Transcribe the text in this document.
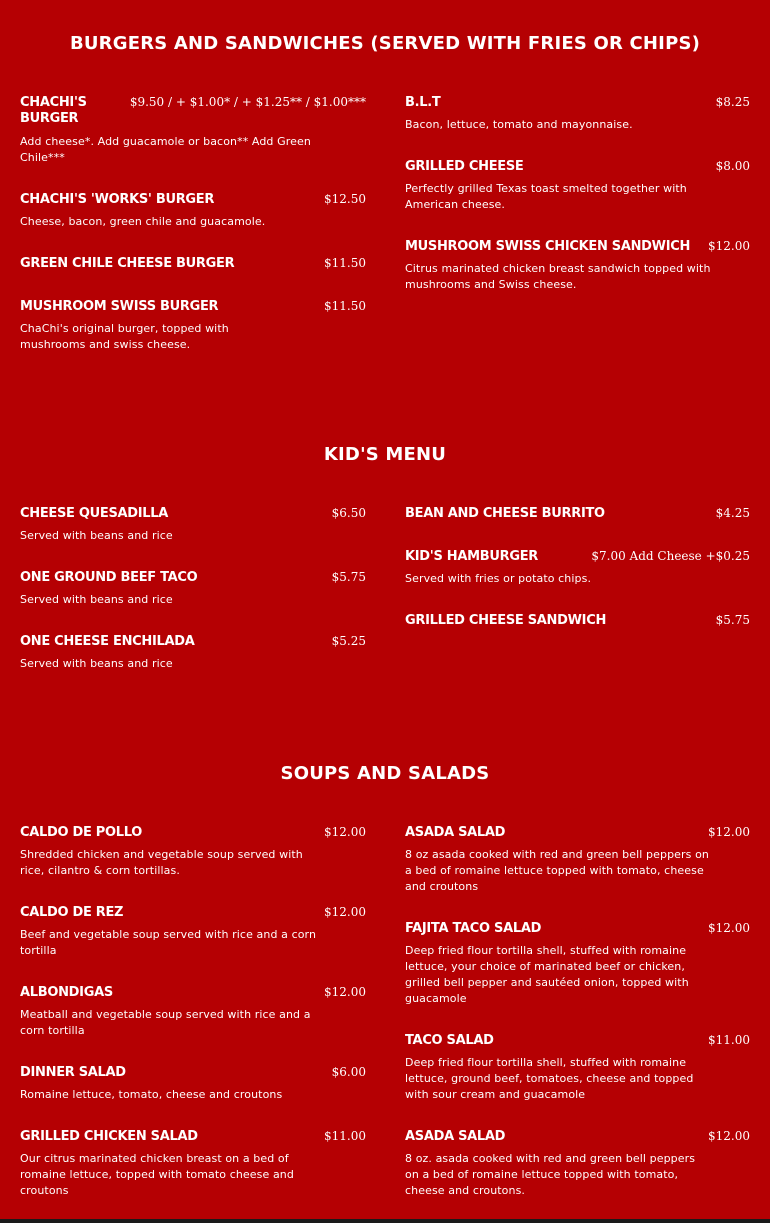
BURGERS AND SANDWICHES (SERVED WITH FRIES OR CHIPS)
CHACHI'S BURGER
$9.50 / + $1.00* / + $1.25** / $1.00***
Add cheese*. Add guacamole or bacon** Add Green Chile***
CHACHI'S 'WORKS' BURGER	$12.50
Cheese, bacon, green chile and guacamole.
GREEN CHILE CHEESE BURGER	$11.50
MUSHROOM SWISS BURGER	$11.50
ChaChi's original burger, topped with mushrooms and swiss cheese.
B.L.T	$8.25
Bacon, lettuce, tomato and mayonnaise.
GRILLED CHEESE	$8.00
Perfectly grilled Texas toast smelted together with American cheese.
MUSHROOM SWISS CHICKEN SANDWICH $12.00
Citrus marinated chicken breast sandwich topped with mushrooms and Swiss cheese.
KID'S MENU
CHEESE QUESADILLA	$6.50
Served with beans and rice
ONE GROUND BEEF TACO	$5.75
Served with beans and rice
ONE CHEESE ENCHILADA	$5.25
Served with beans and rice
BEAN AND CHEESE BURRITO	$4.25
KID'S HAMBURGER	$7.00 Add Cheese +$0.25
Served with fries or potato chips.
GRILLED CHEESE SANDWICH	$5.75
SOUPS AND SALADS
CALDO DE POLLO	$12.00
Shredded chicken and vegetable soup served with rice, cilantro & corn tortillas.
CALDO DE REZ	$12.00
Beef and vegetable soup served with rice and a corn tortilla
ALBONDIGAS	$12.00
Meatball and vegetable soup served with rice and a corn tortilla
DINNER SALAD	$6.00
Romaine lettuce, tomato, cheese and croutons
GRILLED CHICKEN SALAD	$11.00
Our citrus marinated chicken breast on a bed of romaine lettuce, topped with tomato cheese and croutons
ASADA SALAD	$12.00
8 oz asada cooked with red and green bell peppers on a bed of romaine lettuce topped with tomato, cheese and croutons
FAJITA TACO SALAD	$12.00
Deep fried flour tortilla shell, stuffed with romaine lettuce, your choice of marinated beef or chicken, grilled bell pepper and sautéed onion, topped with guacamole
TACO SALAD	$11.00
Deep fried flour tortilla shell, stuffed with romaine lettuce, ground beef, tomatoes, cheese and topped with sour cream and guacamole
ASADA SALAD	$12.00
8 oz. asada cooked with red and green bell peppers on a bed of romaine lettuce topped with tomato, cheese and croutons.
